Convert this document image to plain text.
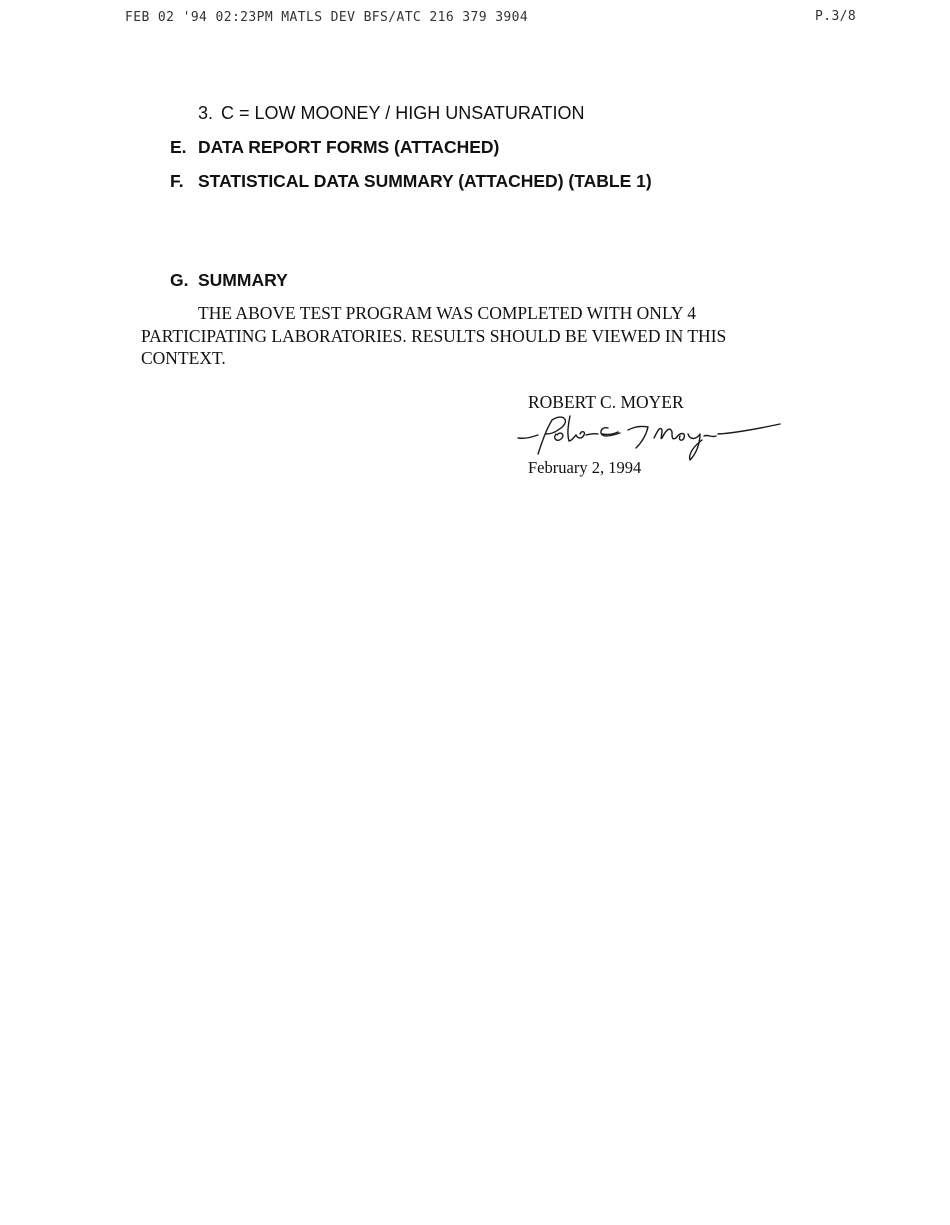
FEB 02 '94 02:23PM MATLS DEV BFS/ATC 216 379 3904	P.3/8
3. C = LOW MOONEY / HIGH UNSATURATION
E. DATA REPORT FORMS (ATTACHED)
F. STATISTICAL DATA SUMMARY (ATTACHED) (TABLE 1)
G. SUMMARY
THE ABOVE TEST PROGRAM WAS COMPLETED WITH ONLY 4
PARTICIPATING LABORATORIES. RESULTS SHOULD BE VIEWED IN THIS
CONTEXT.
ROBERT C. MOYER
February 2, 1994
